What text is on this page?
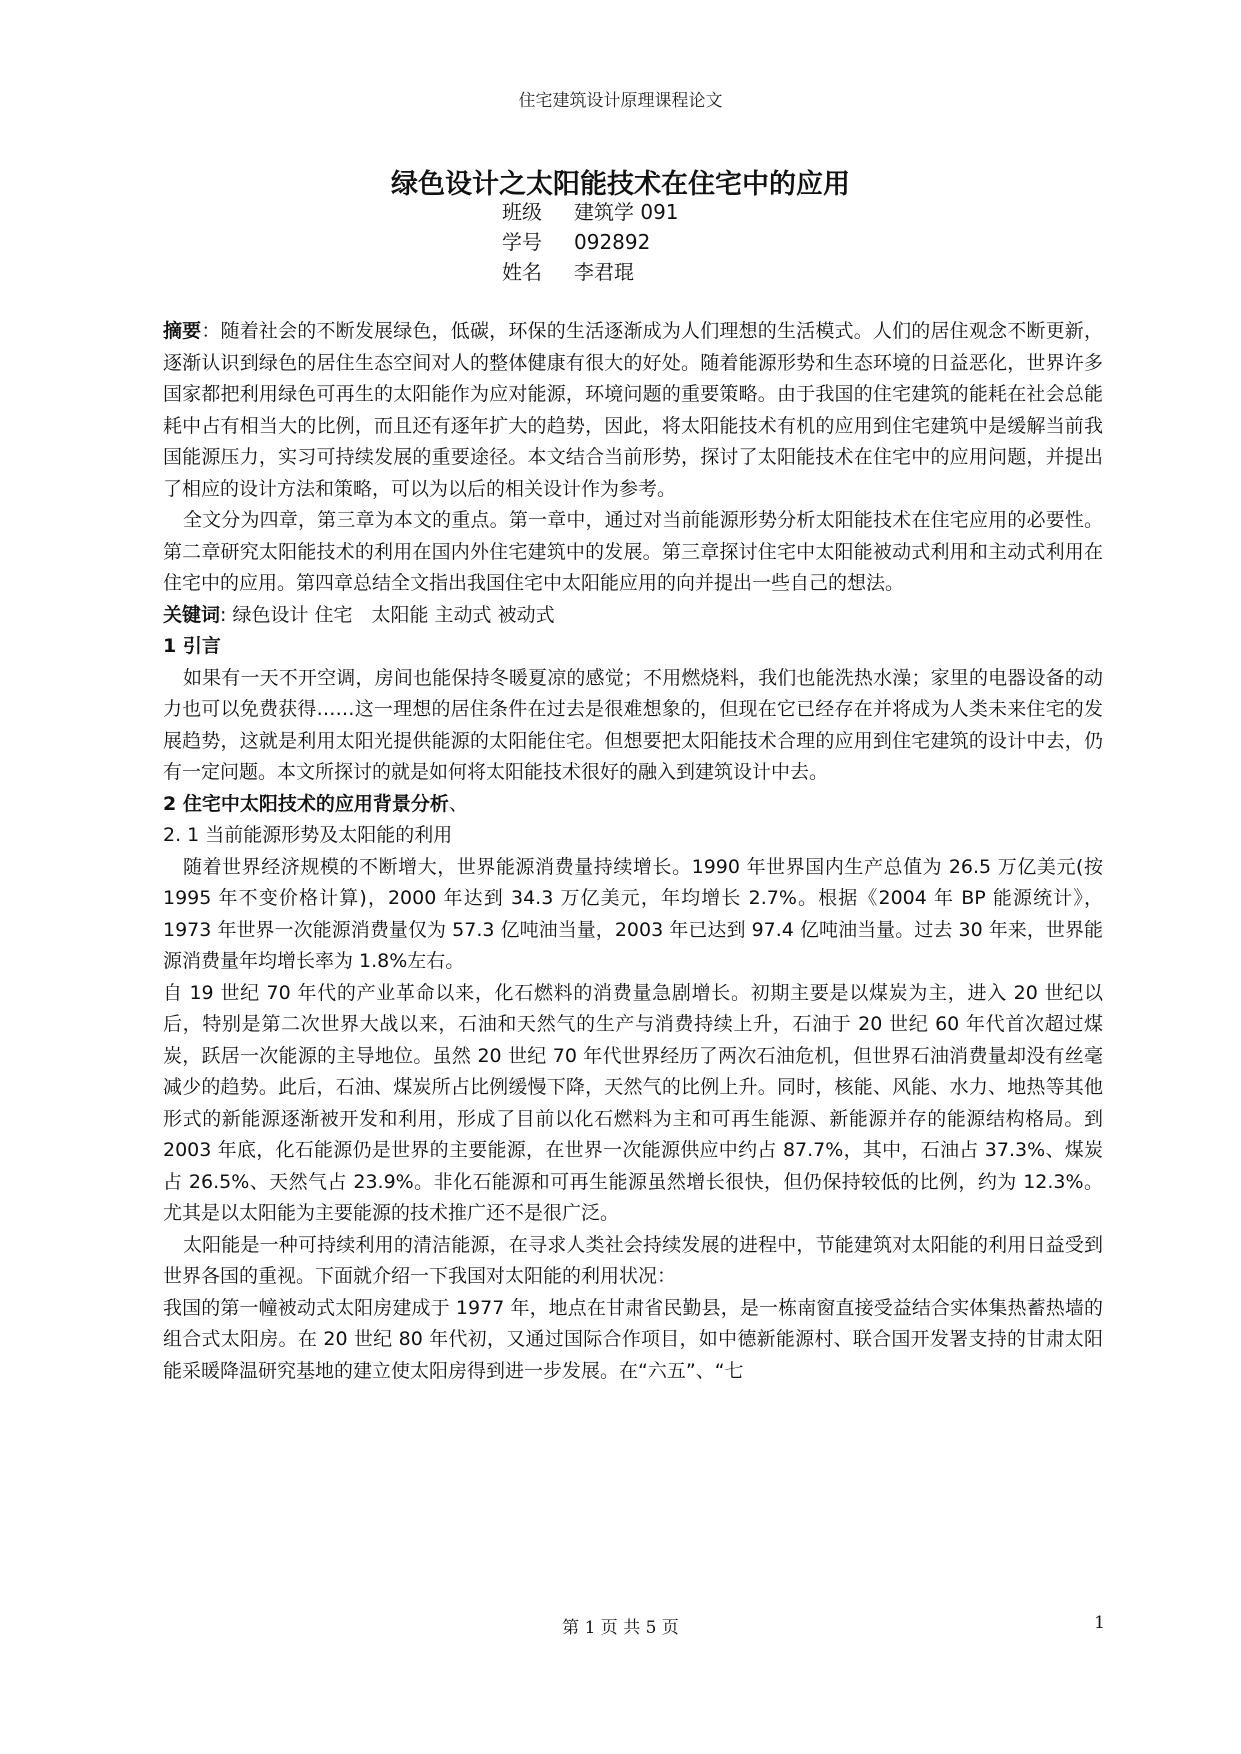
住宅建筑设计原理课程论文
绿色设计之太阳能技术在住宅中的应用
班级 建筑学 091
学号 092892
姓名 李君琨

摘要：随着社会的不断发展绿色，低碳，环保的生活逐渐成为人们理想的生活模式。人们的居住观念不断更新，逐渐认识到绿色的居住生态空间对人的整体健康有很大的好处。随着能源形势和生态环境的日益恶化，世界许多国家都把利用绿色可再生的太阳能作为应对能源，环境问题的重要策略。由于我国的住宅建筑的能耗在社会总能耗中占有相当大的比例，而且还有逐年扩大的趋势，因此，将太阳能技术有机的应用到住宅建筑中是缓解当前我国能源压力，实习可持续发展的重要途径。本文结合当前形势，探讨了太阳能技术在住宅中的应用问题，并提出了相应的设计方法和策略，可以为以后的相关设计作为参考。

全文分为四章，第三章为本文的重点。第一章中，通过对当前能源形势分析太阳能技术在住宅应用的必要性。第二章研究太阳能技术的利用在国内外住宅建筑中的发展。第三章探讨住宅中太阳能被动式利用和主动式利用在住宅中的应用。第四章总结全文指出我国住宅中太阳能应用的向并提出一些自己的想法。

关键词: 绿色设计 住宅　太阳能 主动式 被动式

1 引言

如果有一天不开空调，房间也能保持冬暖夏凉的感觉；不用燃烧料，我们也能洗热水澡；家里的电器设备的动力也可以免费获得……这一理想的居住条件在过去是很难想象的，但现在它已经存在并将成为人类未来住宅的发展趋势，这就是利用太阳光提供能源的太阳能住宅。但想要把太阳能技术合理的应用到住宅建筑的设计中去，仍有一定问题。本文所探讨的就是如何将太阳能技术很好的融入到建筑设计中去。

2 住宅中太阳技术的应用背景分析、

2. 1 当前能源形势及太阳能的利用

随着世界经济规模的不断增大，世界能源消费量持续增长。1990 年世界国内生产总值为 26.5 万亿美元(按 1995 年不变价格计算)，2000 年达到 34.3 万亿美元，年均增长 2.7%。根据《2004 年 BP 能源统计》，1973 年世界一次能源消费量仅为 57.3 亿吨油当量，2003 年已达到 97.4 亿吨油当量。过去 30 年来，世界能源消费量年均增长率为 1.8%左右。

自 19 世纪 70 年代的产业革命以来，化石燃料的消费量急剧增长。初期主要是以煤炭为主，进入 20 世纪以后，特别是第二次世界大战以来，石油和天然气的生产与消费持续上升，石油于 20 世纪 60 年代首次超过煤炭，跃居一次能源的主导地位。虽然 20 世纪 70 年代世界经历了两次石油危机，但世界石油消费量却没有丝毫减少的趋势。此后，石油、煤炭所占比例缓慢下降，天然气的比例上升。同时，核能、风能、水力、地热等其他形式的新能源逐渐被开发和利用，形成了目前以化石燃料为主和可再生能源、新能源并存的能源结构格局。到 2003 年底，化石能源仍是世界的主要能源，在世界一次能源供应中约占 87.7%，其中，石油占 37.3%、煤炭占 26.5%、天然气占 23.9%。非化石能源和可再生能源虽然增长很快，但仍保持较低的比例，约为 12.3%。尤其是以太阳能为主要能源的技术推广还不是很广泛。

太阳能是一种可持续利用的清洁能源，在寻求人类社会持续发展的进程中，节能建筑对太阳能的利用日益受到世界各国的重视。下面就介绍一下我国对太阳能的利用状况：

我国的第一幢被动式太阳房建成于 1977 年，地点在甘肃省民勤县，是一栋南窗直接受益结合实体集热蓄热墙的组合式太阳房。在 20 世纪 80 年代初，又通过国际合作项目，如中德新能源村、联合国开发署支持的甘肃太阳能采暖降温研究基地的建立使太阳房得到进一步发展。在“六五”、“七

第 1 页 共 5 页	1
